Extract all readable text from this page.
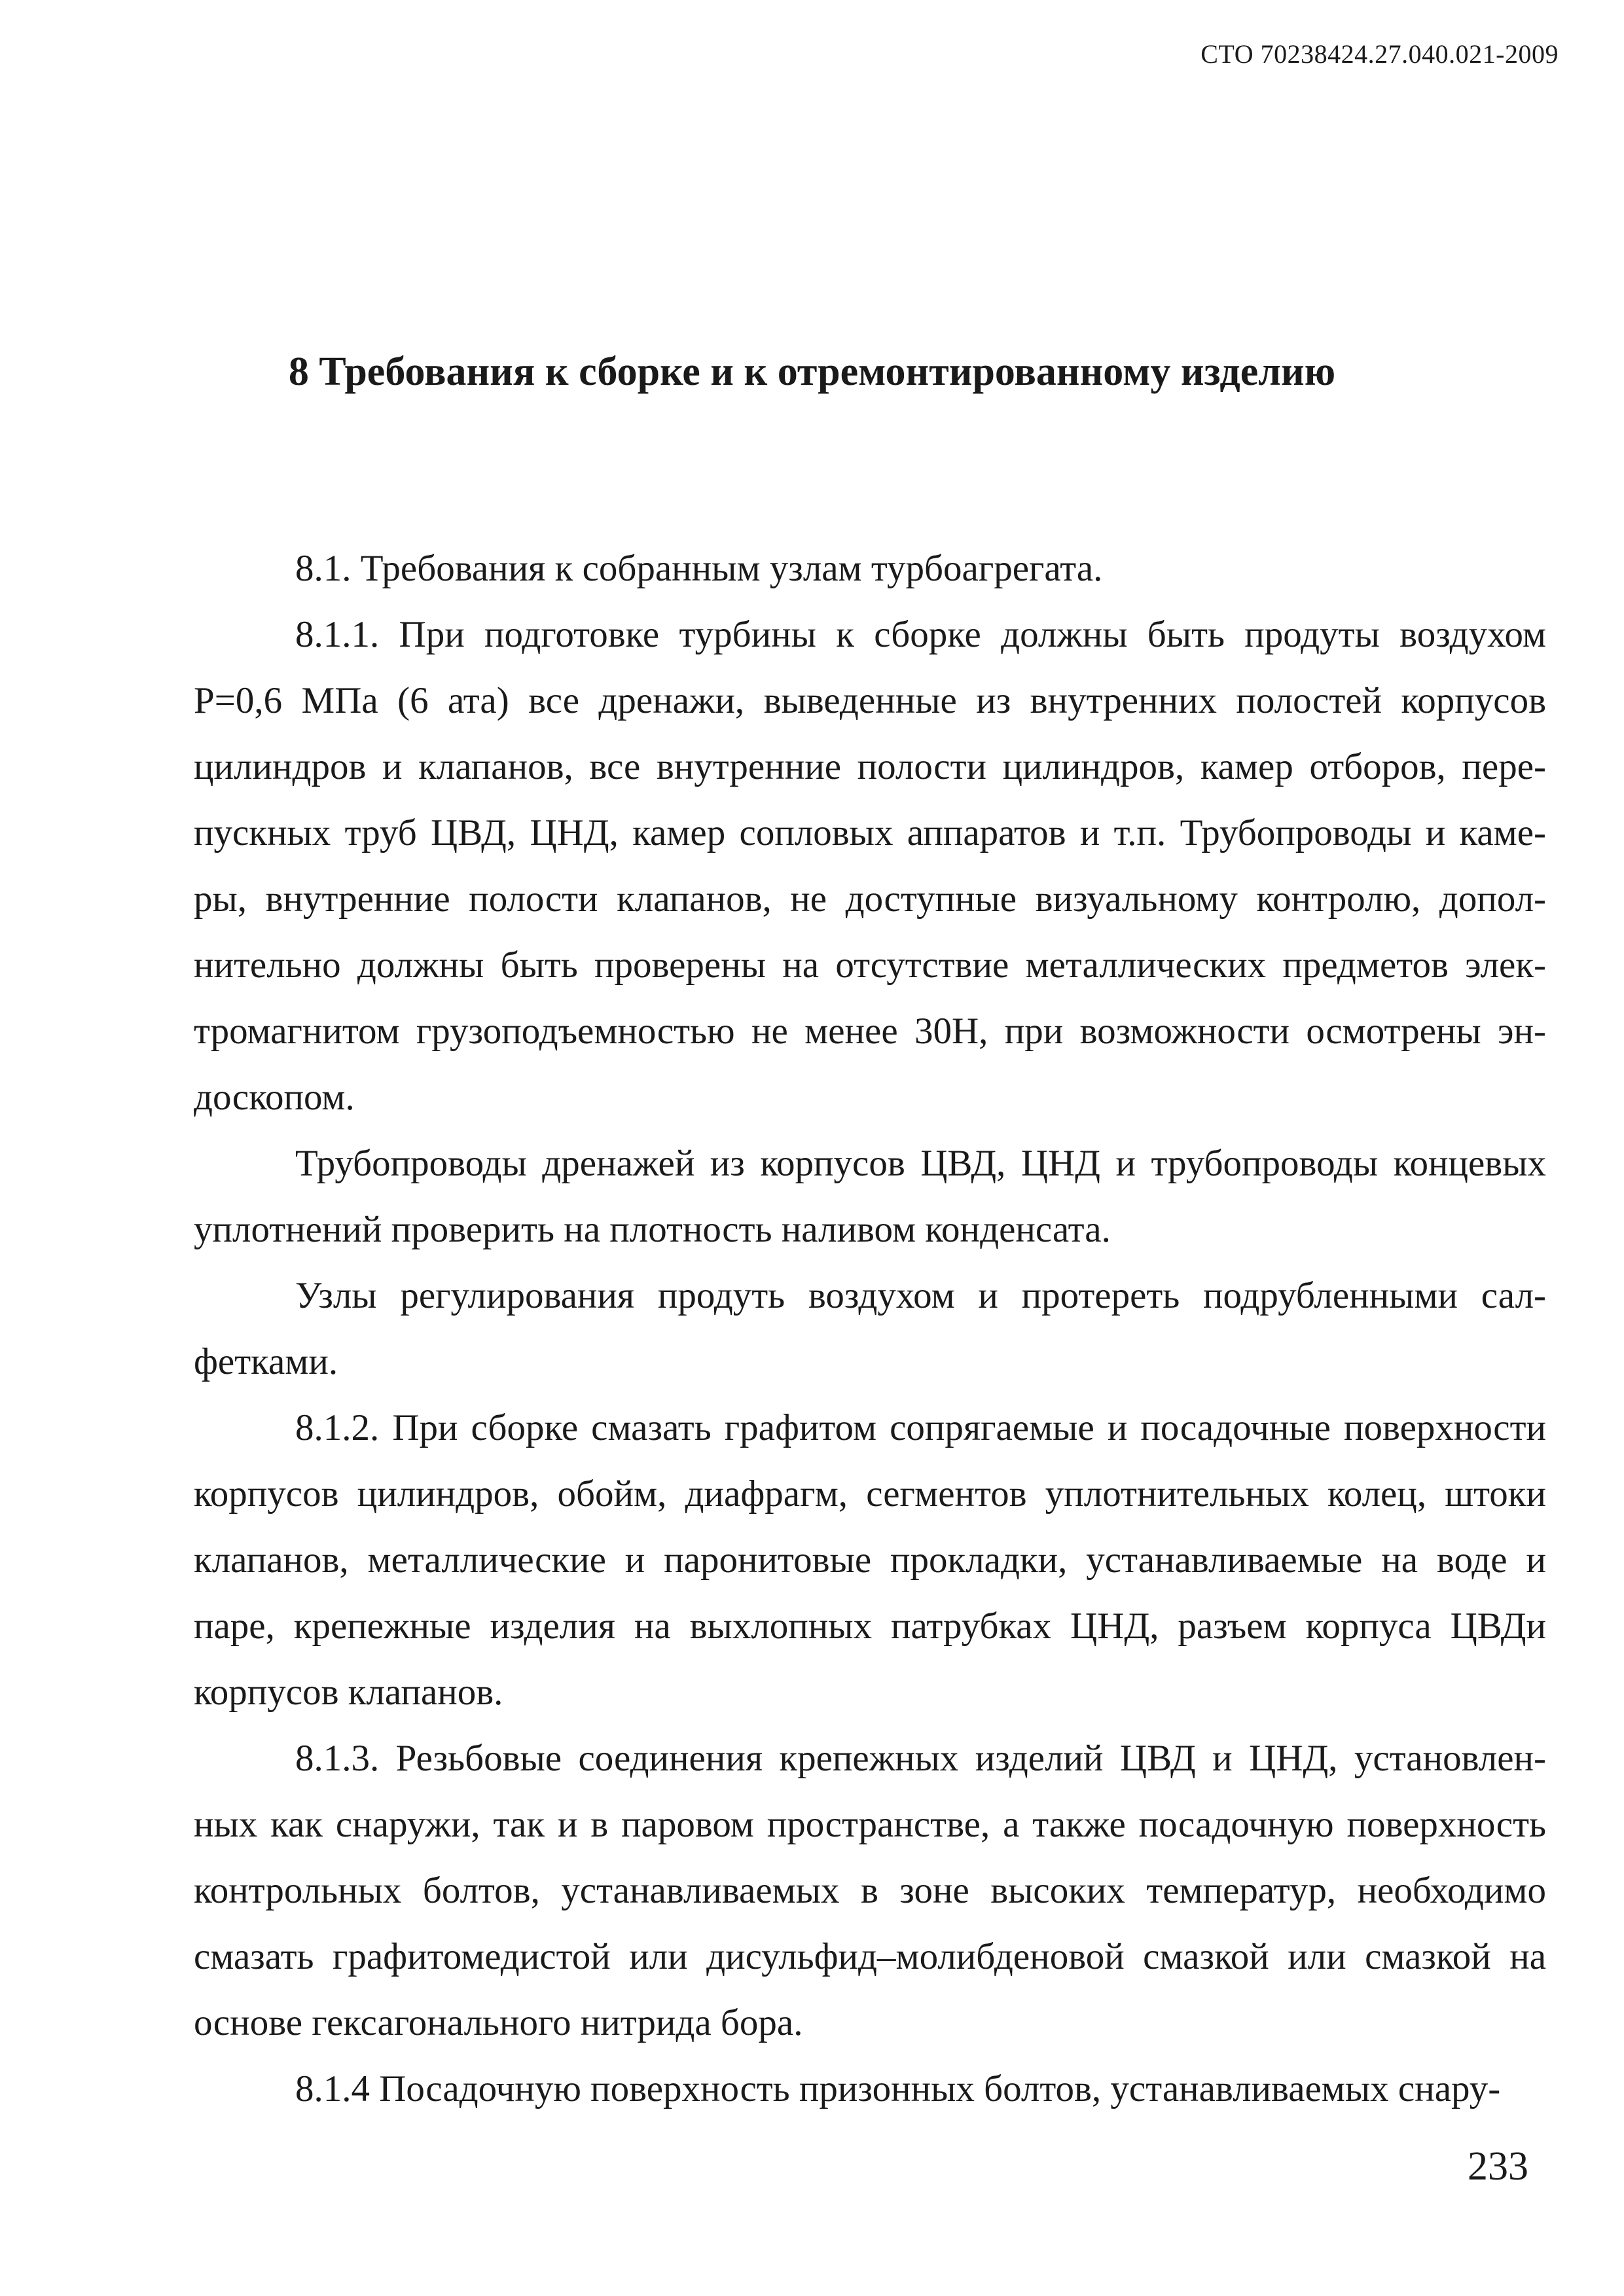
СТО 70238424.27.040.021-2009
8 Требования к сборке и к отремонтированному изделию

8.1. Требования к собранным узлам турбоагрегата.

8.1.1. При подготовке турбины к сборке должны быть продуты воздухом Р=0,6 МПа (6 ата) все дренажи, выведенные из внутренних полостей корпусов цилиндров и клапанов, все внутренние полости цилиндров, камер отборов, пере-пускных труб ЦВД, ЦНД, камер сопловых аппаратов и т.п. Трубопроводы и каме-ры, внутренние полости клапанов, не доступные визуальному контролю, допол-нительно должны быть проверены на отсутствие металлических предметов элек-тромагнитом грузоподъемностью не менее 30Н, при возможности осмотрены эн-доскопом.

Трубопроводы дренажей из корпусов ЦВД, ЦНД и трубопроводы концевых уплотнений проверить на плотность наливом конденсата.

Узлы регулирования продуть воздухом и протереть подрубленными сал-фетками.

8.1.2. При сборке смазать графитом сопрягаемые и посадочные поверхности корпусов цилиндров, обойм, диафрагм, сегментов уплотнительных колец, штоки клапанов, металлические и паронитовые прокладки, устанавливаемые на воде и паре, крепежные изделия на выхлопных патрубках ЦНД, разъем корпуса ЦВДи корпусов клапанов.

8.1.3. Резьбовые соединения крепежных изделий ЦВД и ЦНД, установлен-ных как снаружи, так и в паровом пространстве, а также посадочную поверхность контрольных болтов, устанавливаемых в зоне высоких температур, необходимо смазать графитомедистой или дисульфид–молибденовой смазкой или смазкой на основе гексагонального нитрида бора.

8.1.4 Посадочную поверхность призонных болтов, устанавливаемых снару-

233
